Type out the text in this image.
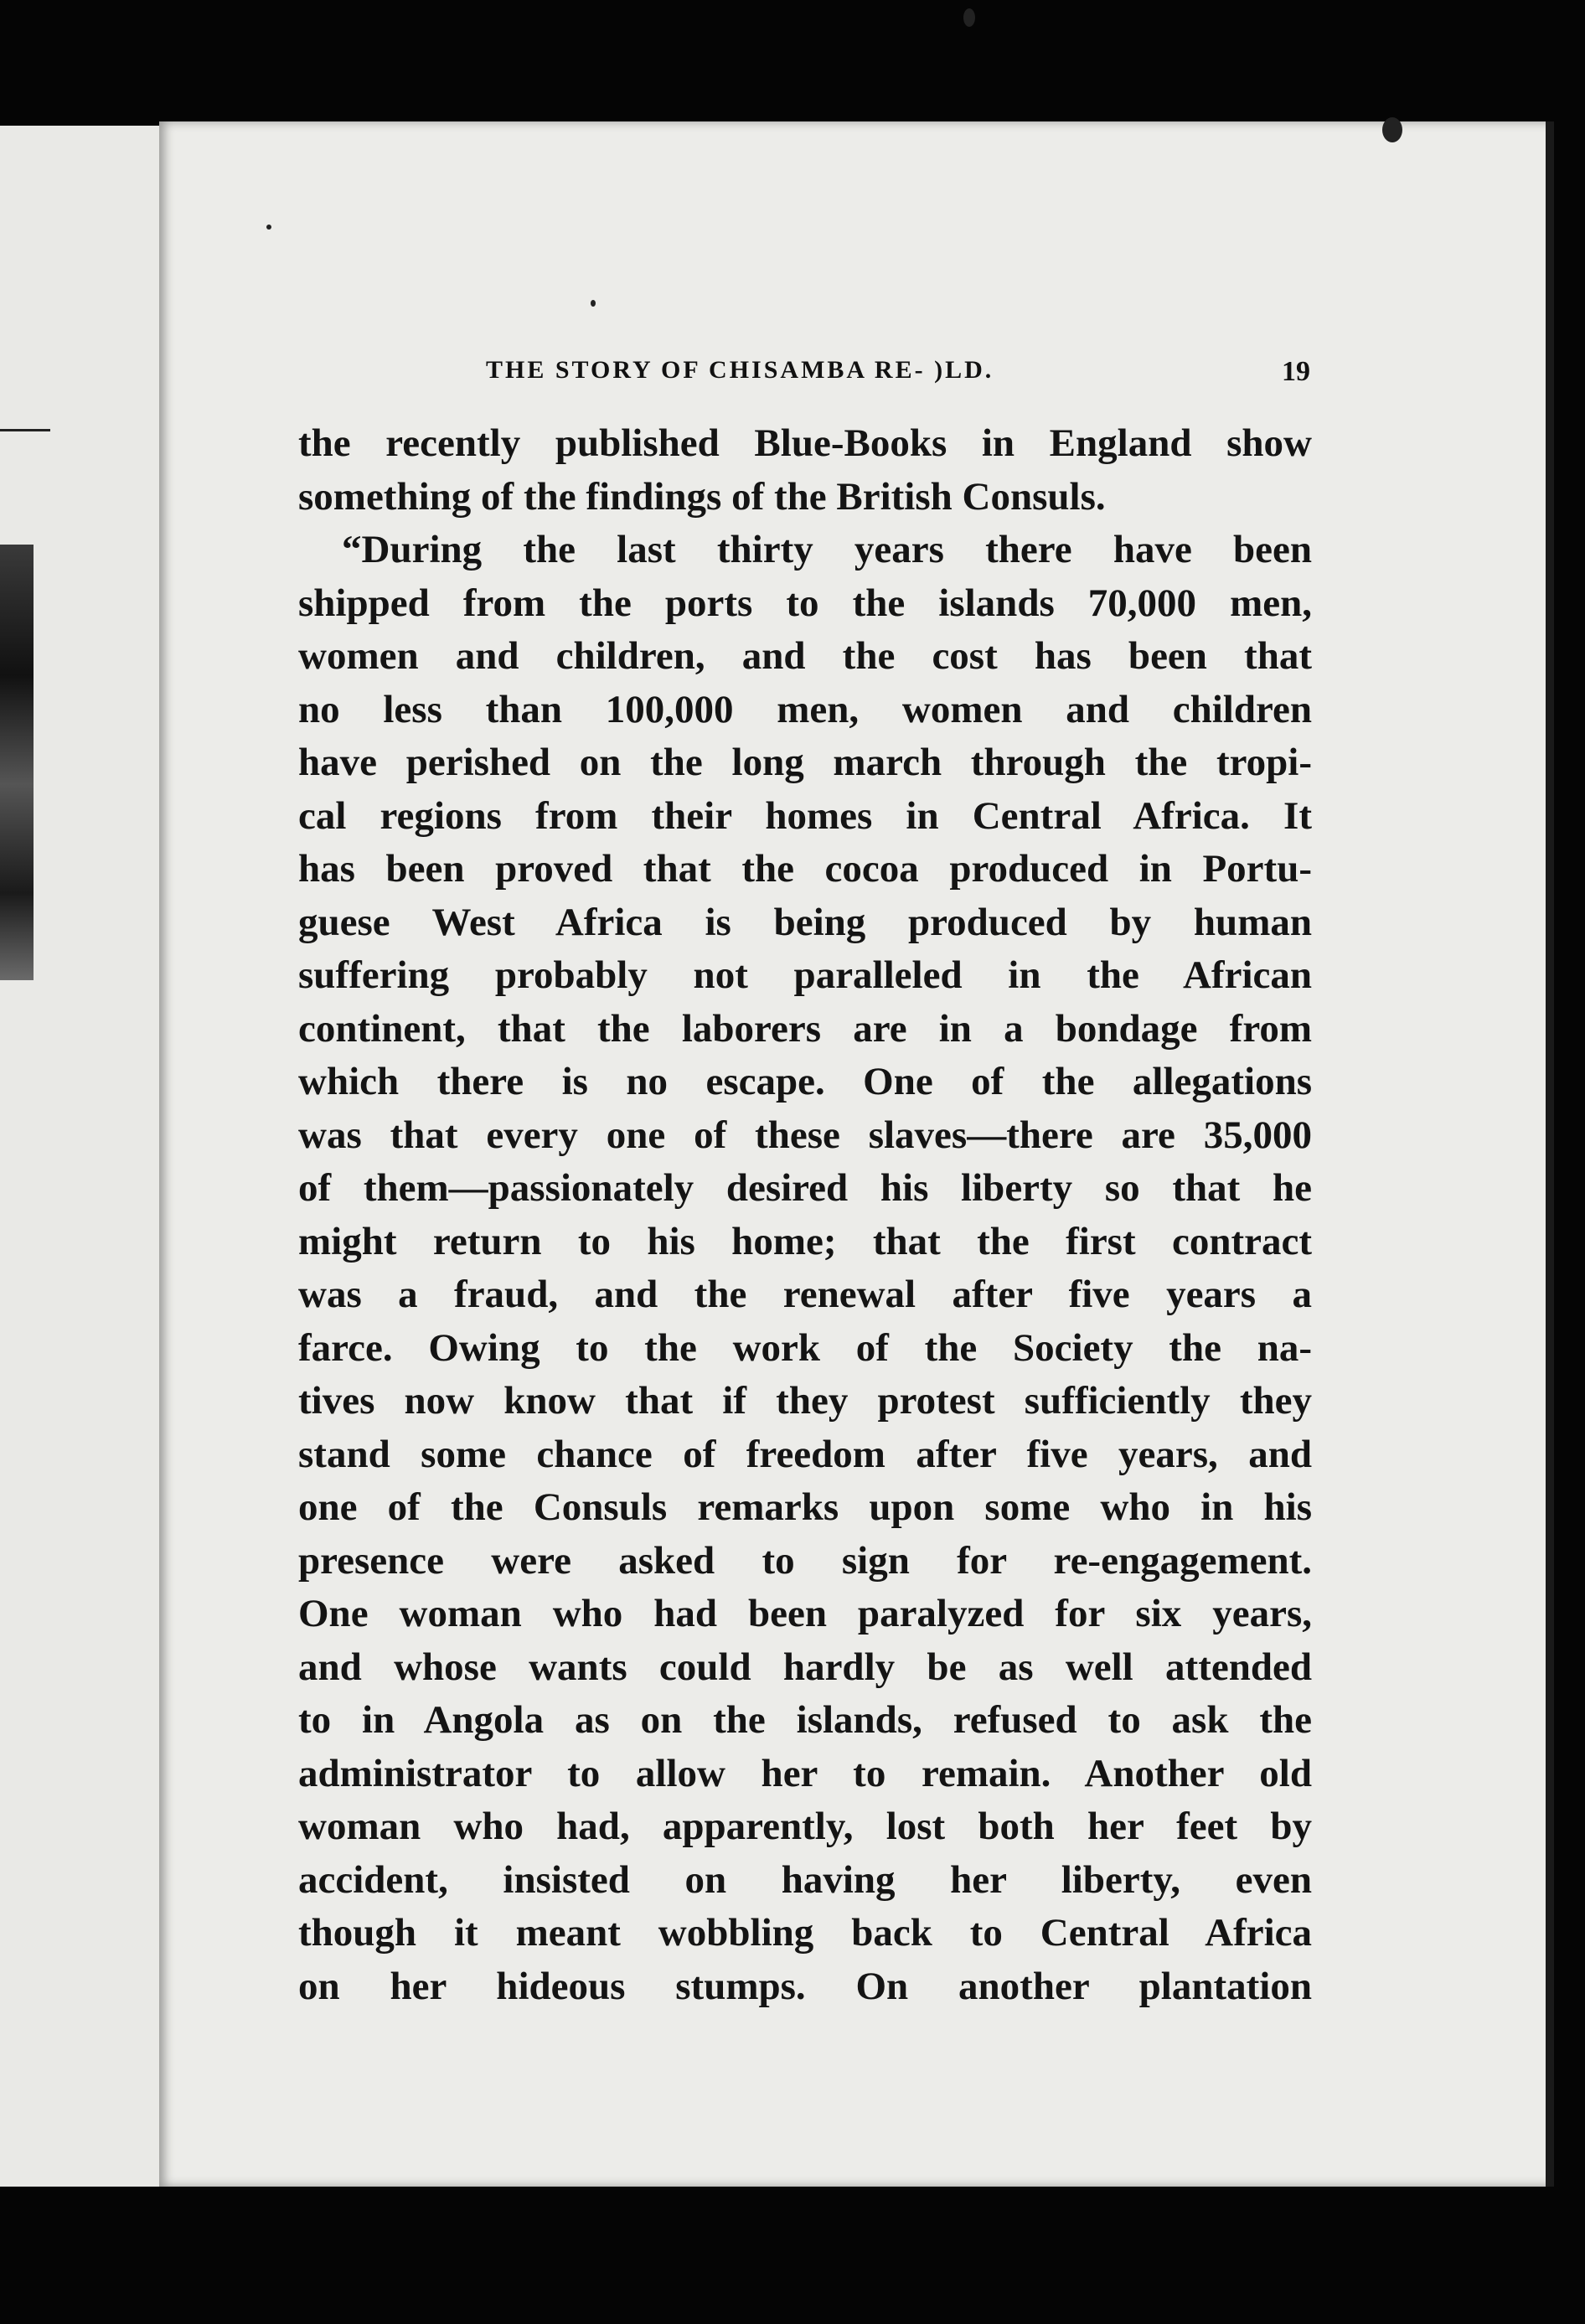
THE STORY OF CHISAMBA RE- )LD.	19
the recently published Blue-Books in England show
something of the findings of the British Consuls.
“During the last thirty years there have been
shipped from the ports to the islands 70,000 men,
women and children, and the cost has been that
no less than 100,000 men, women and children
have perished on the long march through the tropi-
cal regions from their homes in Central Africa. It
has been proved that the cocoa produced in Portu-
guese West Africa is being produced by human
suffering probably not paralleled in the African
continent, that the laborers are in a bondage from
which there is no escape. One of the allegations
was that every one of these slaves—there are 35,000
of them—passionately desired his liberty so that he
might return to his home; that the first contract
was a fraud, and the renewal after five years a
farce. Owing to the work of the Society the na-
tives now know that if they protest sufficiently they
stand some chance of freedom after five years, and
one of the Consuls remarks upon some who in his
presence were asked to sign for re-engagement.
One woman who had been paralyzed for six years,
and whose wants could hardly be as well attended
to in Angola as on the islands, refused to ask the
administrator to allow her to remain. Another old
woman who had, apparently, lost both her feet by
accident, insisted on having her liberty, even
though it meant wobbling back to Central Africa
on her hideous stumps. On another plantation
